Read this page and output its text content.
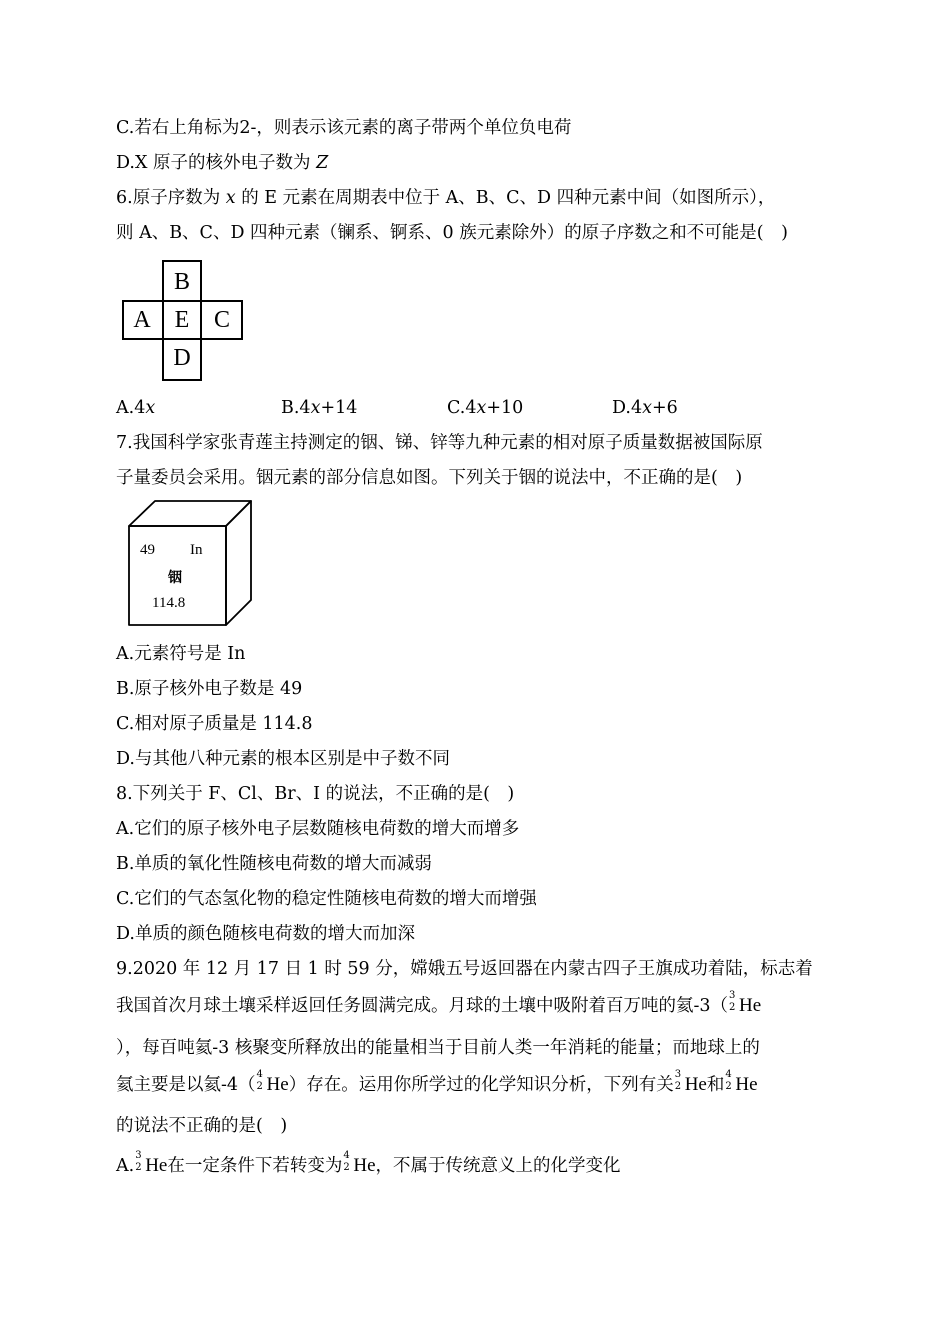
C.若右上角标为2-，则表示该元素的离子带两个单位负电荷
D.X 原子的核外电子数为 Z
6.原子序数为 x 的 E 元素在周期表中位于 A、B、C、D 四种元素中间（如图所示），
则 A、B、C、D 四种元素（镧系、锕系、0 族元素除外）的原子序数之和不可能是(　)
B
A E	C
D
A.4x	B.4x+14	C.4x+10	D.4x+6
7.我国科学家张青莲主持测定的铟、锑、锌等九种元素的相对原子质量数据被国际原
子量委员会采用。铟元素的部分信息如图。下列关于铟的说法中，不正确的是(　)
49 In
铟
114.8
A.元素符号是 In
B.原子核外电子数是 49
C.相对原子质量是 114.8
D.与其他八种元素的根本区别是中子数不同
8.下列关于 F、Cl、Br、I 的说法，不正确的是(　)
A.它们的原子核外电子层数随核电荷数的增大而增多
B.单质的氧化性随核电荷数的增大而减弱
C.它们的气态氢化物的稳定性随核电荷数的增大而增强
D.单质的颜色随核电荷数的增大而加深
9.2020 年 12 月 17 日 1 时 59 分，嫦娥五号返回器在内蒙古四子王旗成功着陆，标志着
我国首次月球土壤采样返回任务圆满完成。月球的土壤中吸附着百万吨的氦-3（
3
2 He
），每百吨氦-3 核聚变所释放出的能量相当于目前人类一年消耗的能量；而地球上的
氦主要是以氦-4（
4
2 He）存在。运用你所学过的化学知识分析，下列有关
3
2 He和
4
2 He
的说法不正确的是(　)
A.
3
2 He在一定条件下若转变为
4
2 He，不属于传统意义上的化学变化
